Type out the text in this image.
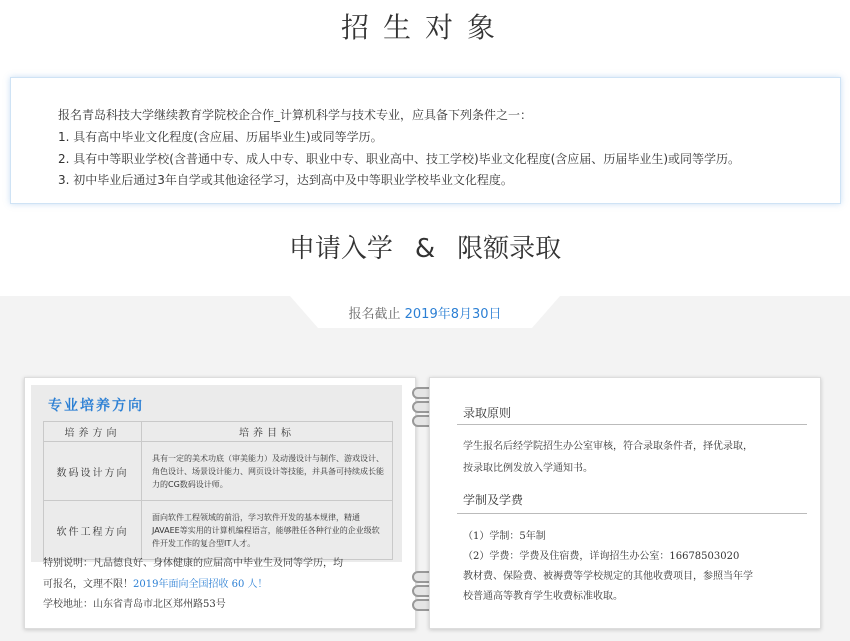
招生对象

报名青岛科技大学继续教育学院校企合作_计算机科学与技术专业，应具备下列条件之一：

1. 具有高中毕业文化程度(含应届、历届毕业生)或同等学历。

2. 具有中等职业学校(含普通中专、成人中专、职业中专、职业高中、技工学校)毕业文化程度(含应届、历届毕业生)或同等学历。

3. 初中毕业后通过3年自学或其他途径学习，达到高中及中等职业学校毕业文化程度。

申请入学 & 限额录取
报名截止 2019年8月30日
专业培养方向
培养方向	培养目标
数码设计方向	具有一定的美术功底（审美能力）及动漫设计与制作、游戏设计、角色设计、场景设计能力、网页设计等技能，并具备可持续成长能力的CG数码设计师。
软件工程方向	面向软件工程领域的前沿，学习软件开发的基本规律，精通JAVAEE等实用的计算机编程语言，能够胜任各种行业的企业级软件开发工作的复合型IT人才。
特别说明：凡品德良好、身体健康的应届高中毕业生及同等学历，均
可报名，文理不限！2019年面向全国招收 60 人！
学校地址：山东省青岛市北区郑州路53号
录取原则
学生报名后经学院招生办公室审核，符合录取条件者，择优录取，
按录取比例发放入学通知书。
学制及学费
（1）学制：5年制
（2）学费：学费及住宿费，详询招生办公室：16678503020
教材费、保险费、被褥费等学校规定的其他收费项目，参照当年学
校普通高等教育学生收费标准收取。
